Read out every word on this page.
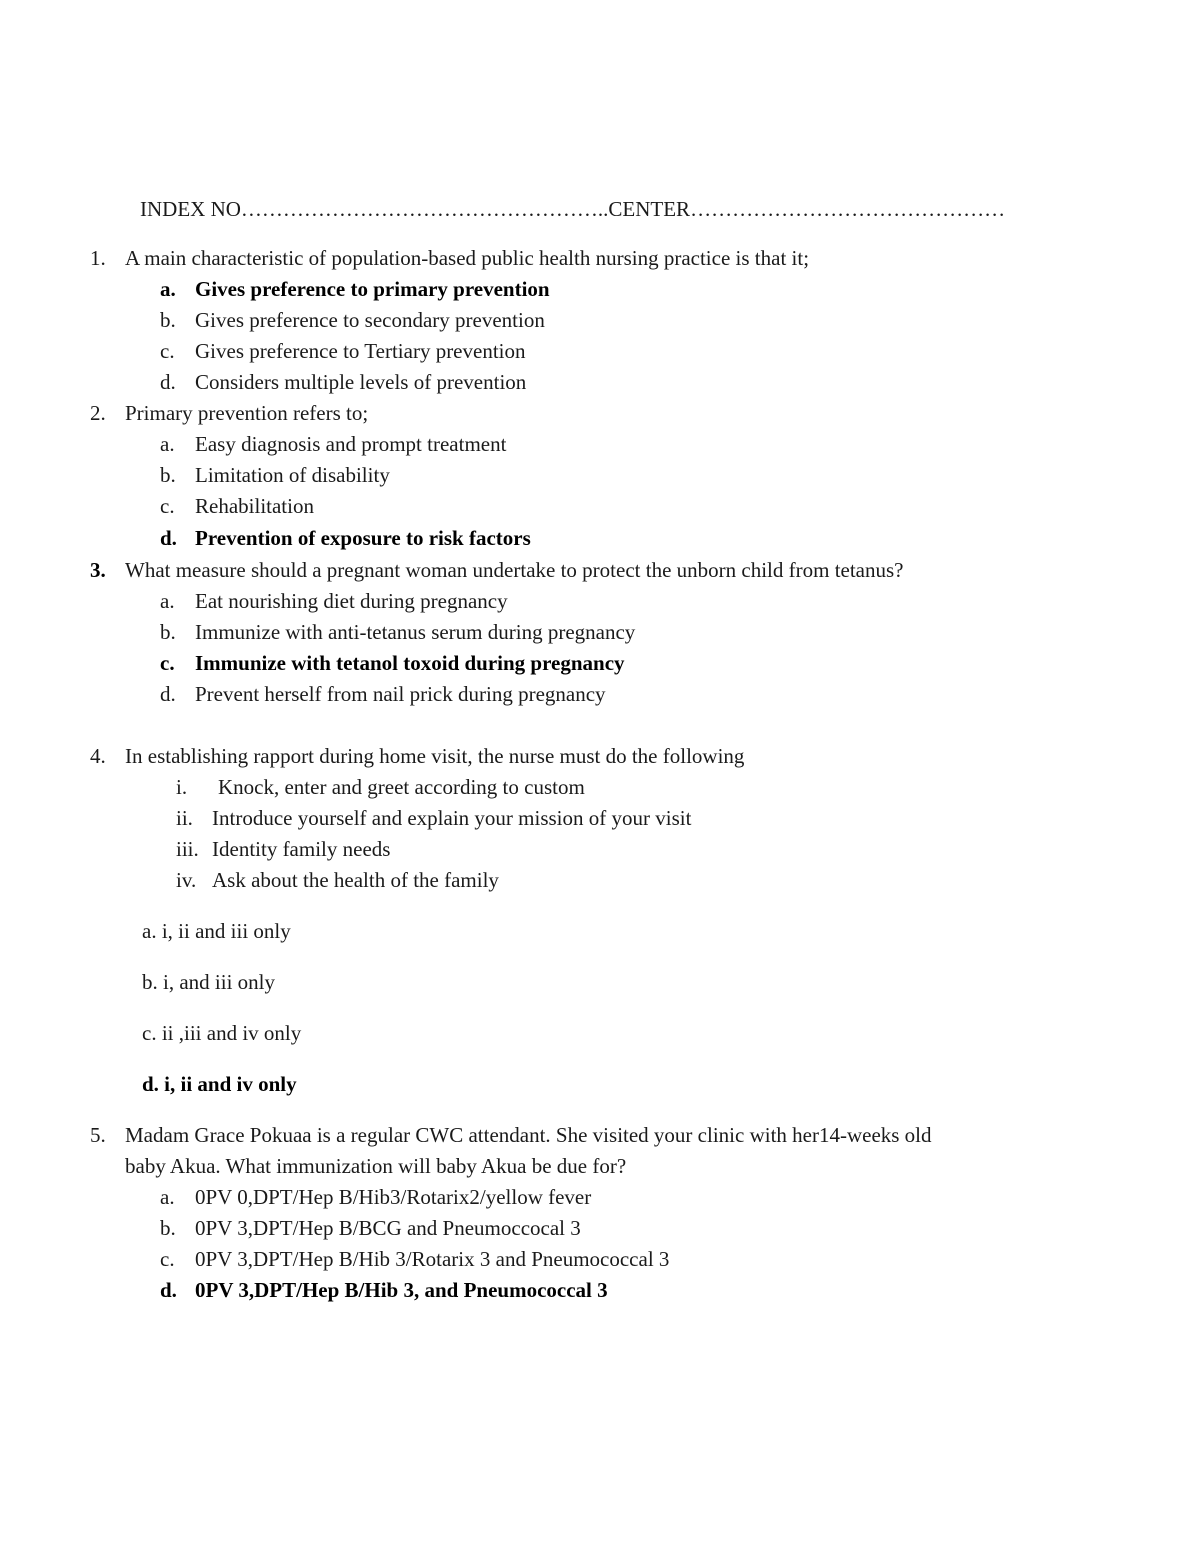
INDEX NO……………………………………………..CENTER………………………………………
1. A main characteristic of population-based public health nursing practice is that it;
a. Gives preference to primary prevention
b. Gives preference to secondary prevention
c. Gives preference to Tertiary prevention
d. Considers multiple levels of prevention
2. Primary prevention refers to;
a. Easy diagnosis and prompt treatment
b. Limitation of disability
c. Rehabilitation
d. Prevention of exposure to risk factors
3. What measure should a pregnant woman undertake to protect the unborn child from tetanus?
a. Eat nourishing diet during pregnancy
b. Immunize with anti-tetanus serum during pregnancy
c. Immunize with tetanol toxoid during pregnancy
d. Prevent herself from nail prick during pregnancy
4. In establishing rapport during home visit, the nurse must do the following
i. Knock, enter and greet according to custom
ii. Introduce yourself and explain your mission of your visit
iii. Identity family needs
iv. Ask about the health of the family
a. i, ii and iii only
b. i, and iii only
c. ii ,iii and iv only
d. i, ii and iv only
5. Madam Grace Pokuaa is a regular CWC attendant. She visited your clinic with her14-weeks old
baby Akua. What immunization will baby Akua be due for?
a. 0PV 0,DPT/Hep B/Hib3/Rotarix2/yellow fever
b. 0PV 3,DPT/Hep B/BCG and Pneumoccocal 3
c. 0PV 3,DPT/Hep B/Hib 3/Rotarix 3 and Pneumococcal 3
d. 0PV 3,DPT/Hep B/Hib 3, and Pneumococcal 3
